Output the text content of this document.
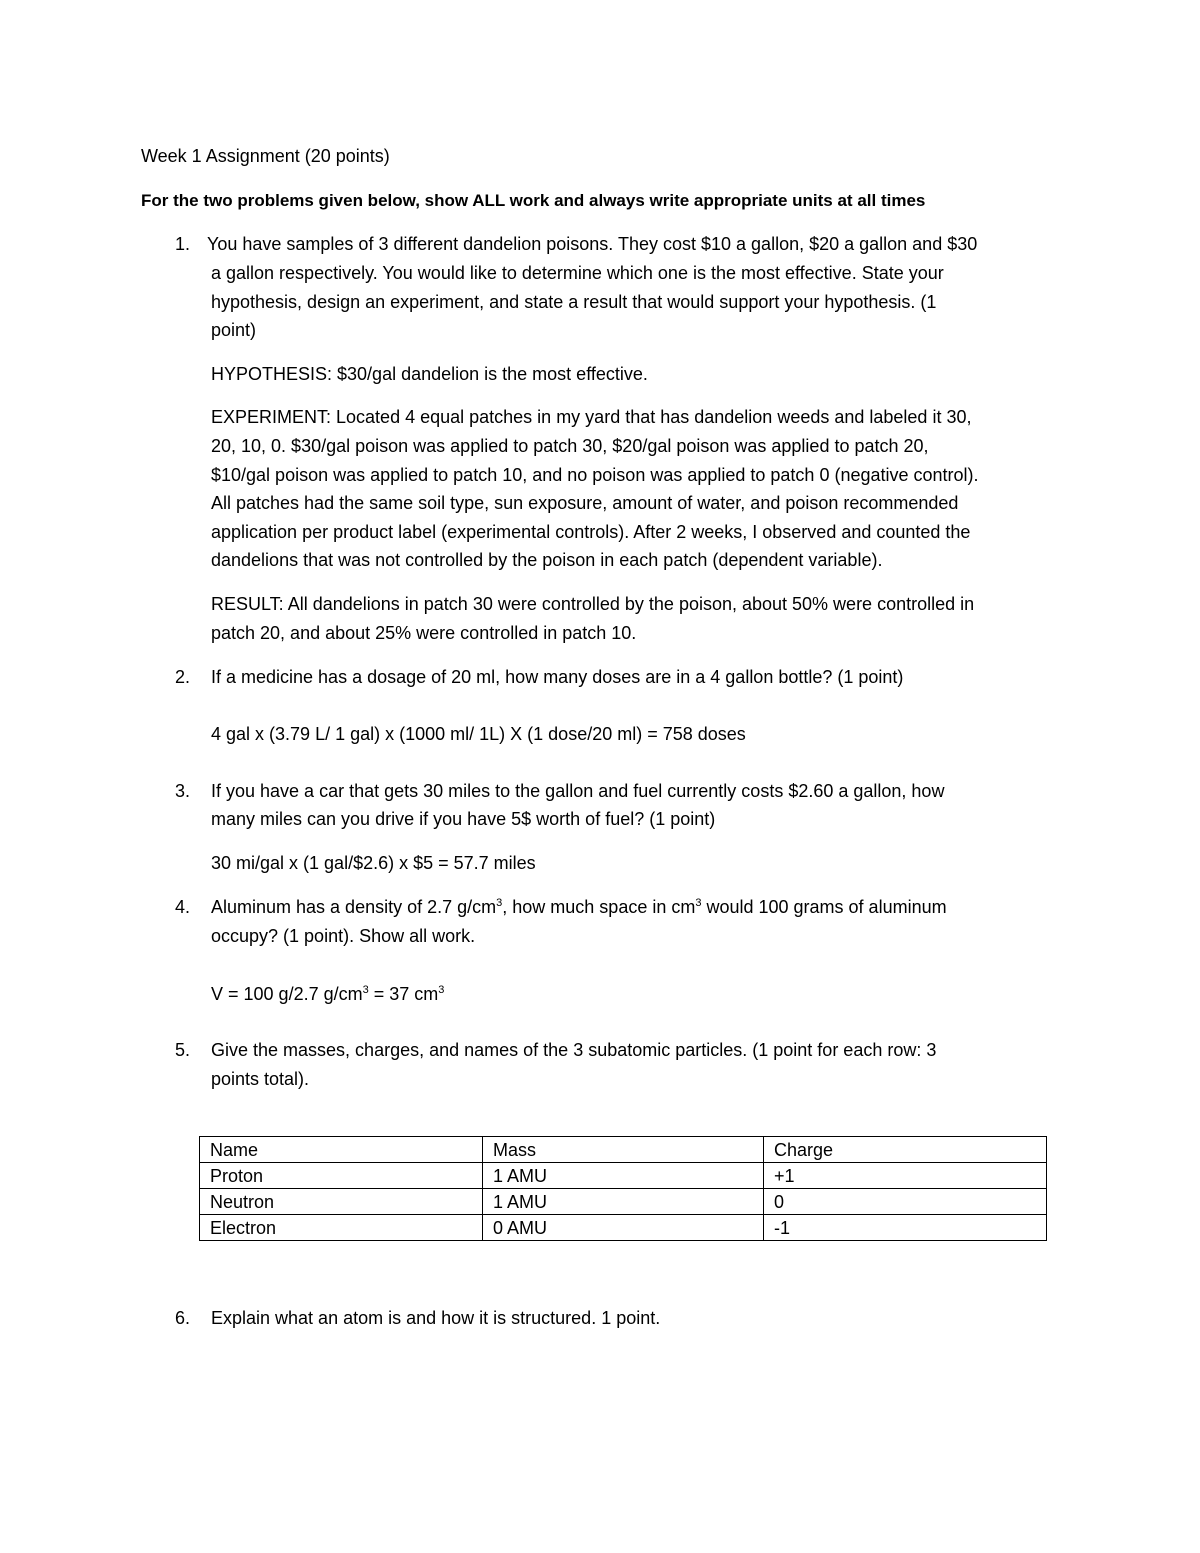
Week 1 Assignment (20 points)
For the two problems given below, show ALL work and always write appropriate units at all times
1. You have samples of 3 different dandelion poisons. They cost $10 a gallon, $20 a gallon and $30
a gallon respectively. You would like to determine which one is the most effective. State your
hypothesis, design an experiment, and state a result that would support your hypothesis. (1
point)
HYPOTHESIS: $30/gal dandelion is the most effective.
EXPERIMENT: Located 4 equal patches in my yard that has dandelion weeds and labeled it 30,
20, 10, 0. $30/gal poison was applied to patch 30, $20/gal poison was applied to patch 20,
$10/gal poison was applied to patch 10, and no poison was applied to patch 0 (negative control).
All patches had the same soil type, sun exposure, amount of water, and poison recommended
application per product label (experimental controls). After 2 weeks, I observed and counted the
dandelions that was not controlled by the poison in each patch (dependent variable).
RESULT: All dandelions in patch 30 were controlled by the poison, about 50% were controlled in
patch 20, and about 25% were controlled in patch 10.
2. If a medicine has a dosage of 20 ml, how many doses are in a 4 gallon bottle? (1 point)
4 gal x (3.79 L/ 1 gal) x (1000 ml/ 1L) X (1 dose/20 ml) = 758 doses
3. If you have a car that gets 30 miles to the gallon and fuel currently costs $2.60 a gallon, how
many miles can you drive if you have 5$ worth of fuel? (1 point)
30 mi/gal x (1 gal/$2.6) x $5 = 57.7 miles
4. Aluminum has a density of 2.7 $g/cm^3$, how much space in $cm^3$ would 100 grams of aluminum
occupy? (1 point). Show all work.
V = 100 g/2.7 $g/cm^3 = 37$ $cm^3$
5. Give the masses, charges, and names of the 3 subatomic particles. (1 point for each row: 3
points total).
Name	Mass	Charge
Proton	1 AMU	+1
Neutron	1 AMU	0
Electron	0 AMU	-1
6. Explain what an atom is and how it is structured. 1 point.
